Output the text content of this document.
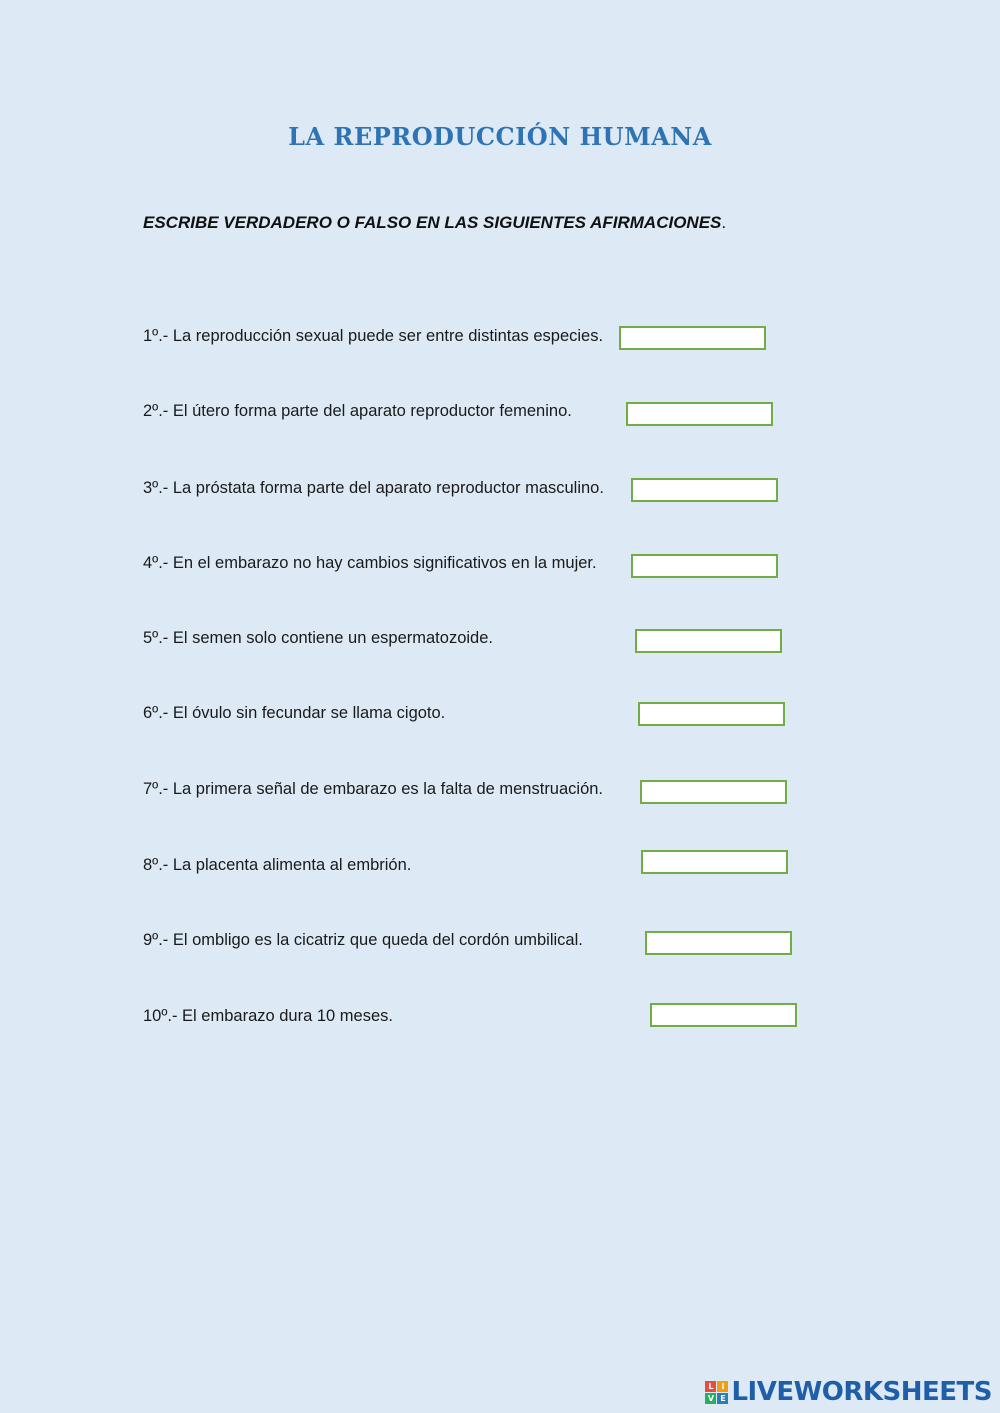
LA REPRODUCCIÓN HUMANA
ESCRIBE VERDADERO O FALSO EN LAS SIGUIENTES AFIRMACIONES.
1º.- La reproducción sexual puede ser entre distintas especies.
2º.- El útero forma parte del aparato reproductor femenino.
3º.- La próstata forma parte del aparato reproductor masculino.
4º.- En el embarazo no hay cambios significativos en la mujer.
5º.- El semen solo contiene un espermatozoide.
6º.- El óvulo sin fecundar se llama cigoto.
7º.- La primera señal de embarazo es la falta de menstruación.
8º.- La placenta alimenta al embrión.
9º.- El ombligo es la cicatriz que queda del cordón umbilical.
10º.- El embarazo dura 10 meses.
L I
V E LIVEWORKSHEETS
